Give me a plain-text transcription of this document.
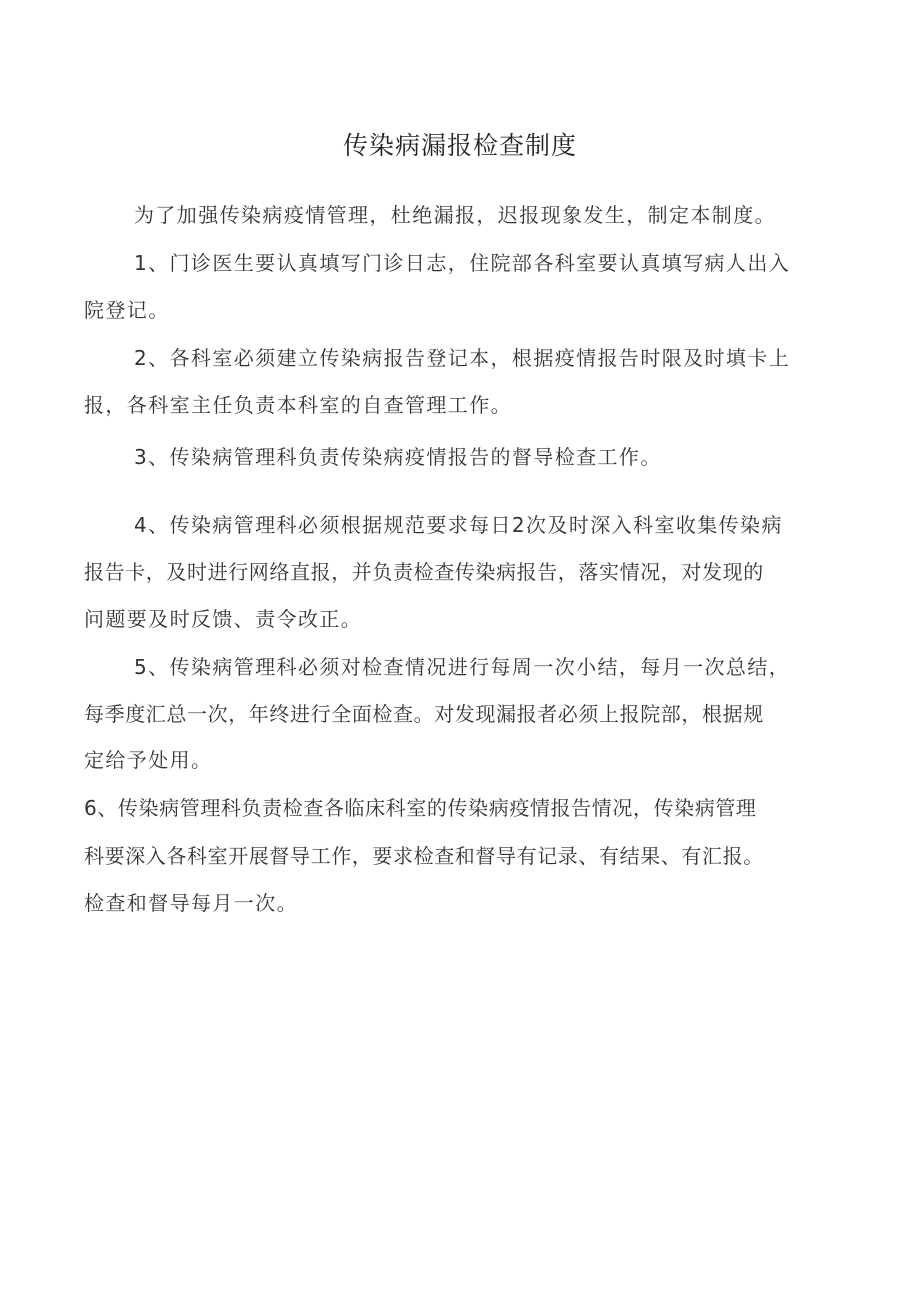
传染病漏报检查制度

为了加强传染病疫情管理，杜绝漏报，迟报现象发生，制定本制度。

1、门诊医生要认真填写门诊日志，住院部各科室要认真填写病人出入

院登记。

2、各科室必须建立传染病报告登记本，根据疫情报告时限及时填卡上

报，各科室主任负责本科室的自查管理工作。

3、传染病管理科负责传染病疫情报告的督导检查工作。

4、传染病管理科必须根据规范要求每日2次及时深入科室收集传染病

报告卡，及时进行网络直报，并负责检查传染病报告，落实情况，对发现的

问题要及时反馈、责令改正。

5、传染病管理科必须对检查情况进行每周一次小结，每月一次总结，

每季度汇总一次，年终进行全面检查。对发现漏报者必须上报院部，根据规

定给予处用。

6、传染病管理科负责检查各临床科室的传染病疫情报告情况，传染病管理

科要深入各科室开展督导工作，要求检查和督导有记录、有结果、有汇报。

检查和督导每月一次。
